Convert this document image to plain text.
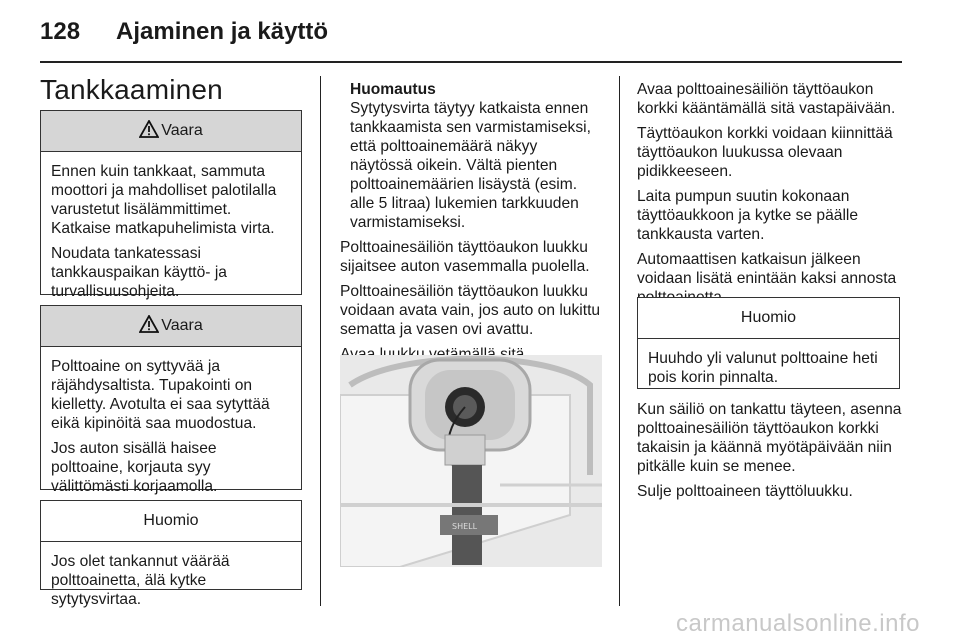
128 Ajaminen ja käyttö
Tankkaaminen
Vaara

Ennen kuin tankkaat, sammuta moottori ja mahdolliset palotilalla varustetut lisälämmittimet. Katkaise matkapuhelimista virta.

Noudata tankatessasi tankkauspaikan käyttö- ja turvallisuusohjeita.

Vaara

Polttoaine on syttyvää ja räjähdysaltista. Tupakointi on kielletty. Avotulta ei saa sytyttää eikä kipinöitä saa muodostua.

Jos auton sisällä haisee polttoaine, korjauta syy välittömästi korjaamolla.

Huomio
Jos olet tankannut väärää polttoainetta, älä kytke sytytysvirtaa.
Huomautus

Sytytysvirta täytyy katkaista ennen tankkaamista sen varmistamiseksi, että polttoainemäärä näkyy näytössä oikein. Vältä pienten polttoainemäärien lisäystä (esim. alle 5 litraa) lukemien tarkkuuden varmistamiseksi.

Polttoainesäiliön täyttöaukon luukku sijaitsee auton vasemmalla puolella.

Polttoainesäiliön täyttöaukon luukku voidaan avata vain, jos auto on lukittu sematta ja vasen ovi avattu.

SHELL

Avaa polttoainesäiliön täyttöaukon korkki kääntämällä sitä vastapäivään.

Täyttöaukon korkki voidaan kiinnittää täyttöaukon luukussa olevaan pidikkeeseen.

Laita pumpun suutin kokonaan täyttöaukkoon ja kytke se päälle tankkausta varten.

Automaattisen katkaisun jälkeen voidaan lisätä enintään kaksi annosta

Huomio
Huuhdo yli valunut polttoaine heti pois korin pinnalta.

Kun säiliö on tankattu täyteen, asenna polttoainesäiliön täyttöaukon korkki takaisin ja käännä myötäpäivään niin pitkälle kuin se menee.

Sulje polttoaineen täyttöluukku.

carmanualsonline.info
